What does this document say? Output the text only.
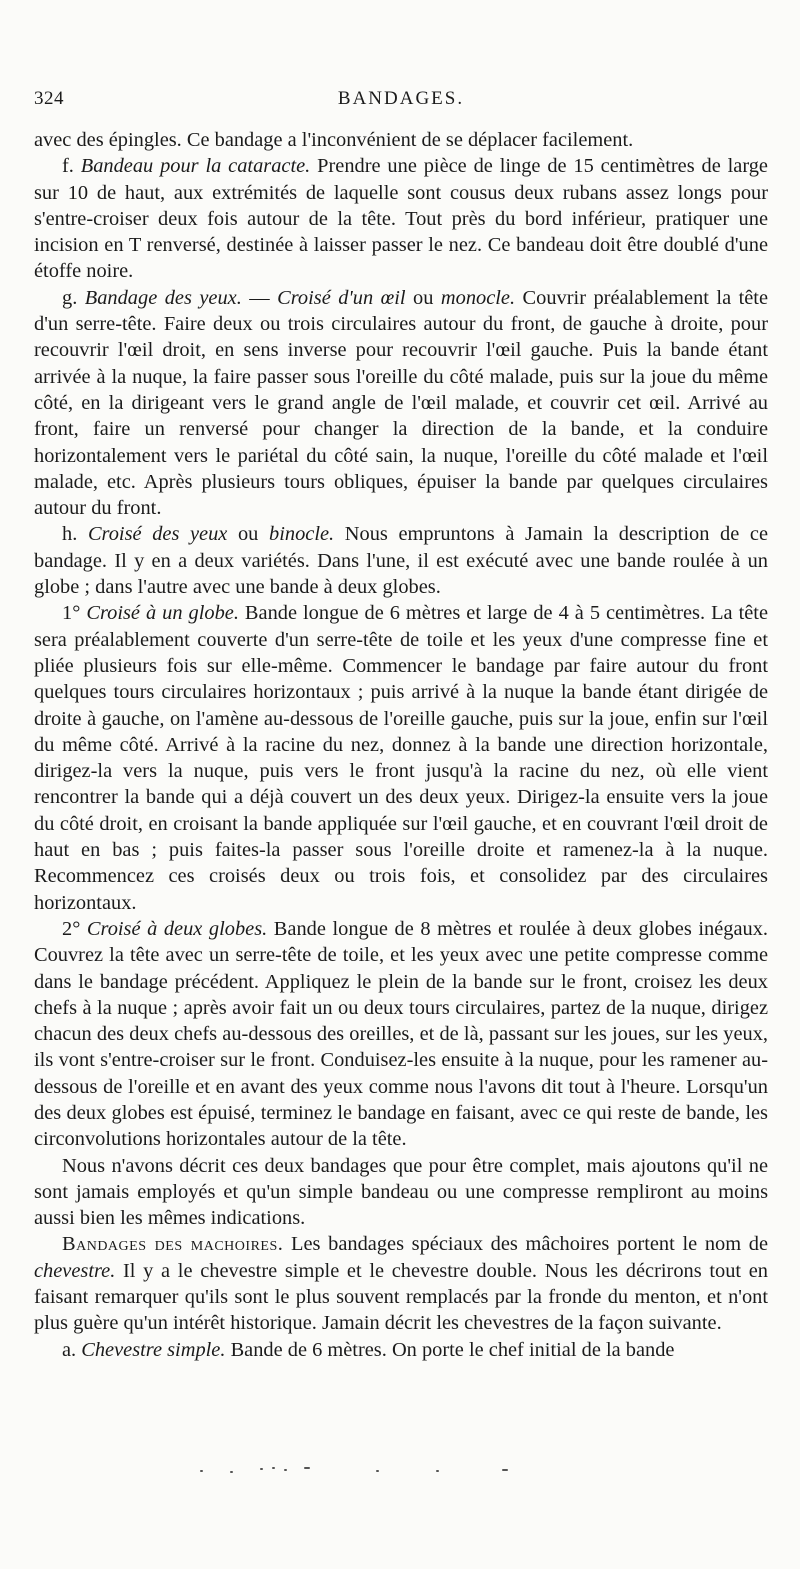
324	BANDAGES.

avec des épingles. Ce bandage a l'inconvénient de se déplacer facilement.

f. Bandeau pour la cataracte. Prendre une pièce de linge de 15 centimètres de large sur 10 de haut, aux extrémités de laquelle sont cousus deux rubans assez longs pour s'entre-croiser deux fois autour de la tête. Tout près du bord inférieur, pratiquer une incision en T renversé, destinée à laisser passer le nez. Ce bandeau doit être doublé d'une étoffe noire.

g. Bandage des yeux. — Croisé d'un œil ou monocle. Couvrir préalablement la tête d'un serre-tête. Faire deux ou trois circulaires autour du front, de gauche à droite, pour recouvrir l'œil droit, en sens inverse pour recouvrir l'œil gauche. Puis la bande étant arrivée à la nuque, la faire passer sous l'oreille du côté malade, puis sur la joue du même côté, en la dirigeant vers le grand angle de l'œil malade, et couvrir cet œil. Arrivé au front, faire un renversé pour changer la direction de la bande, et la conduire horizontalement vers le pariétal du côté sain, la nuque, l'oreille du côté malade et l'œil malade, etc. Après plusieurs tours obliques, épuiser la bande par quelques circulaires autour du front.

h. Croisé des yeux ou binocle. Nous empruntons à Jamain la description de ce bandage. Il y en a deux variétés. Dans l'une, il est exécuté avec une bande roulée à un globe ; dans l'autre avec une bande à deux globes.

1° Croisé à un globe. Bande longue de 6 mètres et large de 4 à 5 centimètres. La tête sera préalablement couverte d'un serre-tête de toile et les yeux d'une compresse fine et pliée plusieurs fois sur elle-même. Commencer le bandage par faire autour du front quelques tours circulaires horizontaux ; puis arrivé à la nuque la bande étant dirigée de droite à gauche, on l'amène au-dessous de l'oreille gauche, puis sur la joue, enfin sur l'œil du même côté. Arrivé à la racine du nez, donnez à la bande une direction horizontale, dirigez-la vers la nuque, puis vers le front jusqu'à la racine du nez, où elle vient rencontrer la bande qui a déjà couvert un des deux yeux. Dirigez-la ensuite vers la joue du côté droit, en croisant la bande appliquée sur l'œil gauche, et en couvrant l'œil droit de haut en bas ; puis faites-la passer sous l'oreille droite et ramenez-la à la nuque. Recommencez ces croisés deux ou trois fois, et consolidez par des circulaires horizontaux.

2° Croisé à deux globes. Bande longue de 8 mètres et roulée à deux globes inégaux. Couvrez la tête avec un serre-tête de toile, et les yeux avec une petite compresse comme dans le bandage précédent. Appliquez le plein de la bande sur le front, croisez les deux chefs à la nuque ; après avoir fait un ou deux tours circulaires, partez de la nuque, dirigez chacun des deux chefs au-dessous des oreilles, et de là, passant sur les joues, sur les yeux, ils vont s'entre-croiser sur le front. Conduisez-les ensuite à la nuque, pour les ramener au-dessous de l'oreille et en avant des yeux comme nous l'avons dit tout à l'heure. Lorsqu'un des deux globes est épuisé, terminez le bandage en faisant, avec ce qui reste de bande, les circonvolutions horizontales autour de la tête.

Nous n'avons décrit ces deux bandages que pour être complet, mais ajoutons qu'il ne sont jamais employés et qu'un simple bandeau ou une compresse rempliront au moins aussi bien les mêmes indications.

Bandages des machoires. Les bandages spéciaux des mâchoires portent le nom de chevestre. Il y a le chevestre simple et le chevestre double. Nous les décrirons tout en faisant remarquer qu'ils sont le plus souvent remplacés par la fronde du menton, et n'ont plus guère qu'un intérêt historique. Jamain décrit les chevestres de la façon suivante.

a. Chevestre simple. Bande de 6 mètres. On porte le chef initial de la bande
